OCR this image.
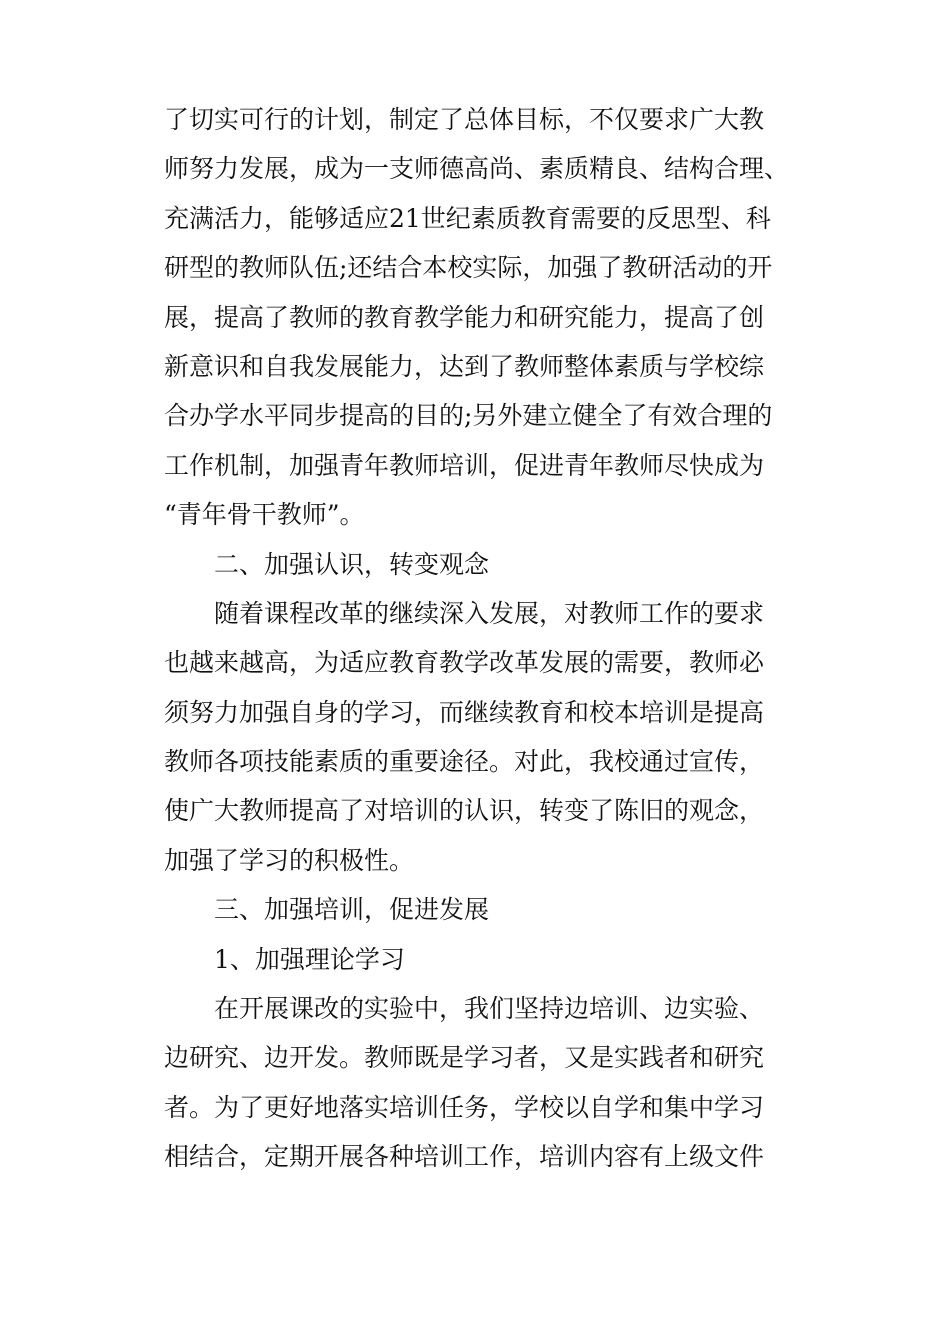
了切实可行的计划，制定了总体目标，不仅要求广大教
师努力发展，成为一支师德高尚、素质精良、结构合理、
充满活力，能够适应21世纪素质教育需要的反思型、科
研型的教师队伍;还结合本校实际，加强了教研活动的开
展，提高了教师的教育教学能力和研究能力，提高了创
新意识和自我发展能力，达到了教师整体素质与学校综
合办学水平同步提高的目的;另外建立健全了有效合理的
工作机制，加强青年教师培训，促进青年教师尽快成为
“青年骨干教师”。

二、加强认识，转变观念

随着课程改革的继续深入发展，对教师工作的要求
也越来越高，为适应教育教学改革发展的需要，教师必
须努力加强自身的学习，而继续教育和校本培训是提高
教师各项技能素质的重要途径。对此，我校通过宣传，
使广大教师提高了对培训的认识，转变了陈旧的观念，
加强了学习的积极性。

三、加强培训，促进发展

1、加强理论学习

在开展课改的实验中，我们坚持边培训、边实验、
边研究、边开发。教师既是学习者，又是实践者和研究
者。为了更好地落实培训任务，学校以自学和集中学习
相结合，定期开展各种培训工作，培训内容有上级文件
